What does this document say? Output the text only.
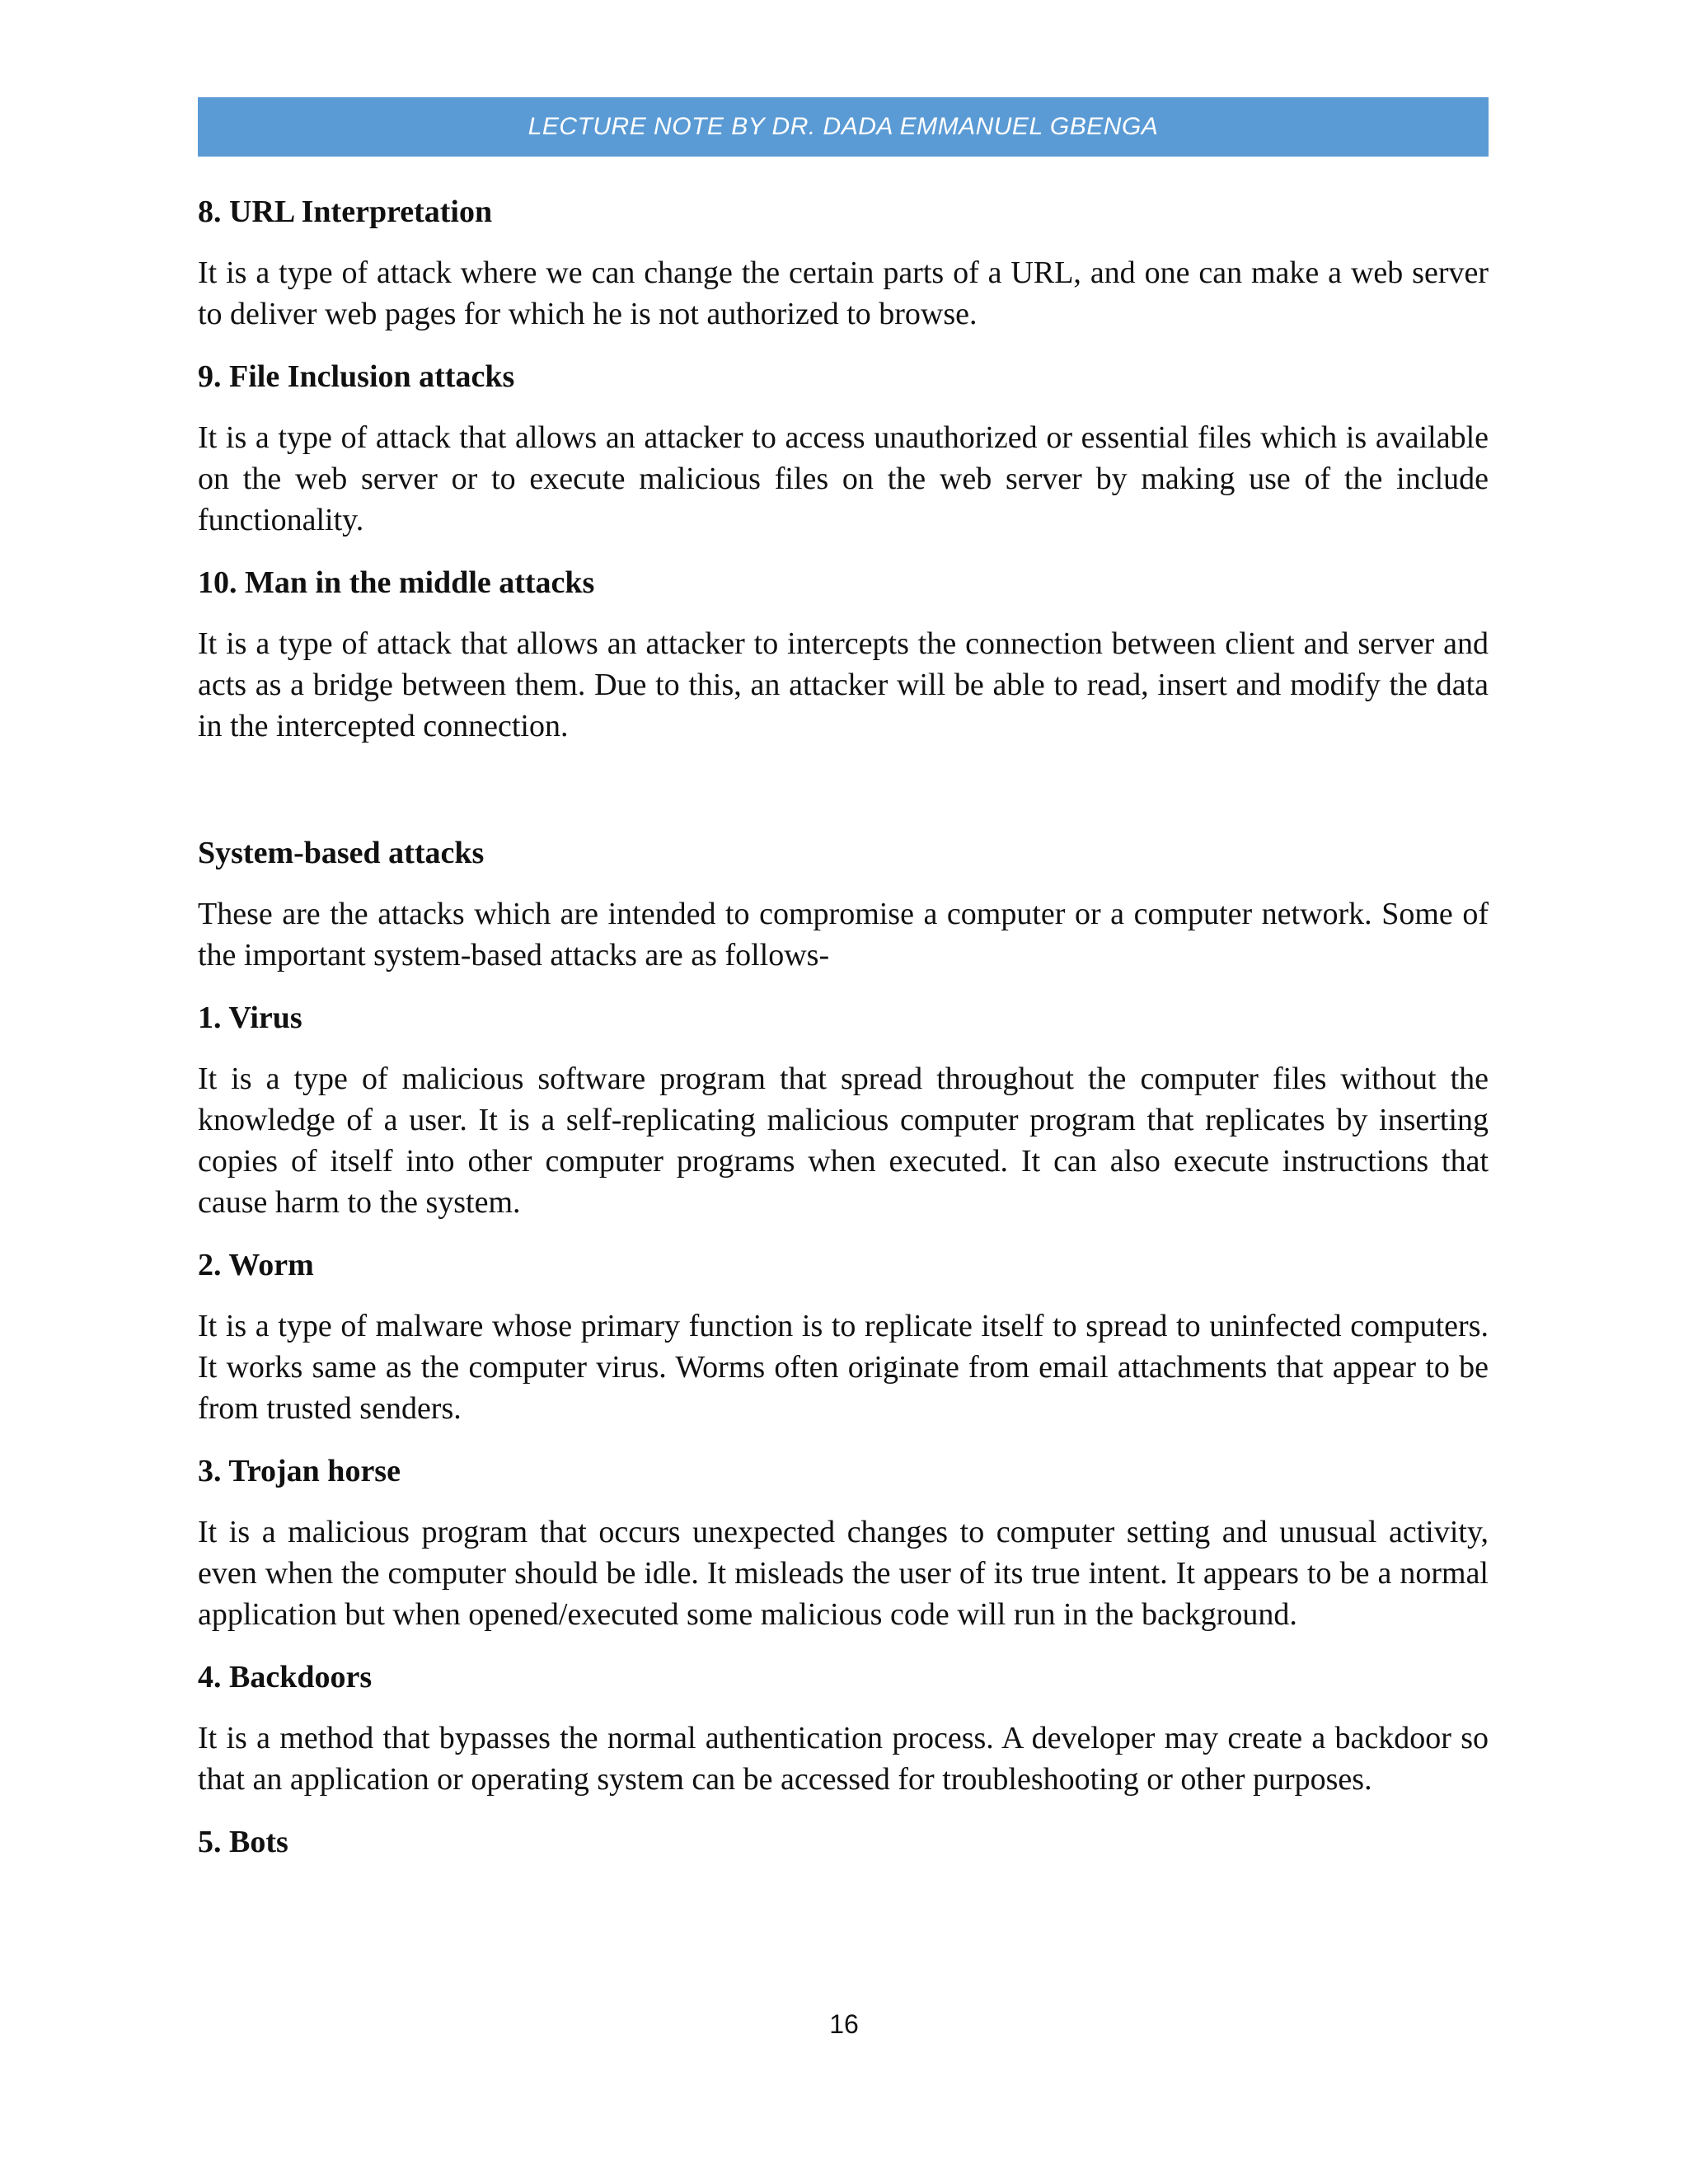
LECTURE NOTE BY DR. DADA EMMANUEL GBENGA
8. URL Interpretation

It is a type of attack where we can change the certain parts of a URL, and one can make a web server to deliver web pages for which he is not authorized to browse.

9. File Inclusion attacks

It is a type of attack that allows an attacker to access unauthorized or essential files which is available on the web server or to execute malicious files on the web server by making use of the include functionality.

10. Man in the middle attacks

It is a type of attack that allows an attacker to intercepts the connection between client and server and acts as a bridge between them. Due to this, an attacker will be able to read, insert and modify the data in the intercepted connection.

System-based attacks

These are the attacks which are intended to compromise a computer or a computer network. Some of the important system-based attacks are as follows-

1. Virus

It is a type of malicious software program that spread throughout the computer files without the knowledge of a user. It is a self-replicating malicious computer program that replicates by inserting copies of itself into other computer programs when executed. It can also execute instructions that cause harm to the system.

2. Worm

It is a type of malware whose primary function is to replicate itself to spread to uninfected computers. It works same as the computer virus. Worms often originate from email attachments that appear to be from trusted senders.

3. Trojan horse

It is a malicious program that occurs unexpected changes to computer setting and unusual activity, even when the computer should be idle. It misleads the user of its true intent. It appears to be a normal application but when opened/executed some malicious code will run in the background.

4. Backdoors

It is a method that bypasses the normal authentication process. A developer may create a backdoor so that an application or operating system can be accessed for troubleshooting or other purposes.

5. Bots
16
